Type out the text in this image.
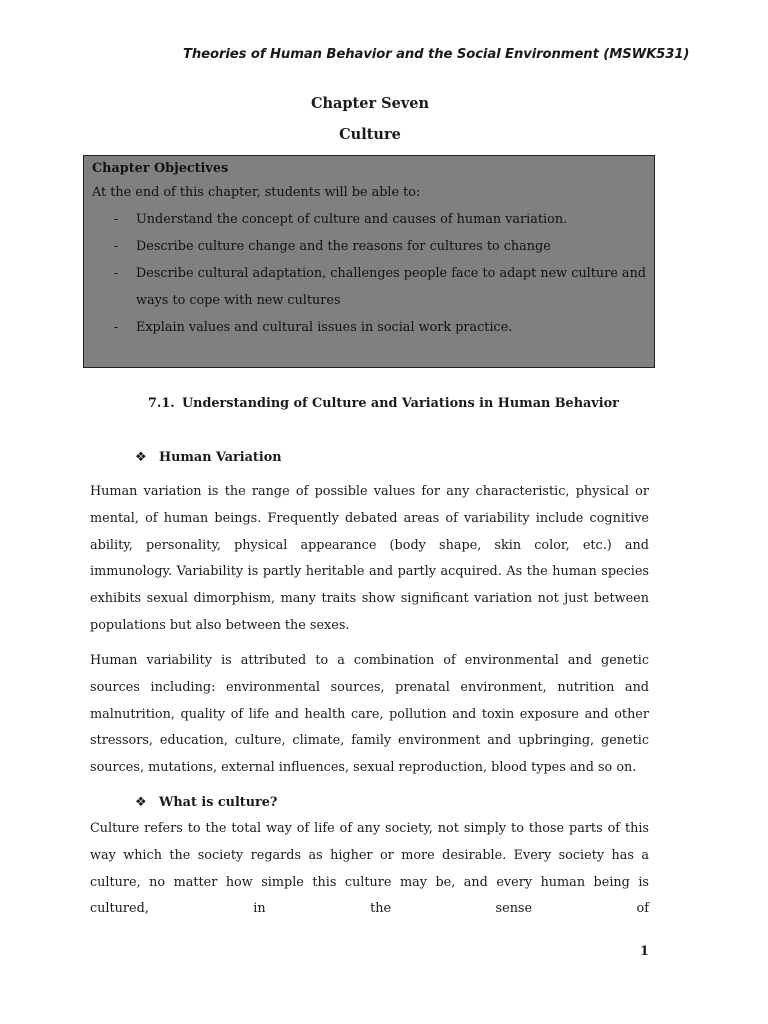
Theories of Human Behavior and the Social Environment (MSWK531)
Chapter Seven
Culture
Chapter Objectives
At the end of this chapter, students will be able to:
- Understand the concept of culture and causes of human variation.
- Describe culture change and the reasons for cultures to change
- Describe cultural adaptation, challenges people face to adapt new culture and ways to cope with new cultures
- Explain values and cultural issues in social work practice.
7.1. Understanding of Culture and Variations in Human Behavior
❖ Human Variation

Human variation is the range of possible values for any characteristic, physical or mental, of human beings. Frequently debated areas of variability include cognitive ability, personality, physical appearance (body shape, skin color, etc.) and immunology. Variability is partly heritable and partly acquired. As the human species exhibits sexual dimorphism, many traits show significant variation not just between populations but also between the sexes.

Human variability is attributed to a combination of environmental and genetic sources including: environmental sources, prenatal environment, nutrition and malnutrition, quality of life and health care, pollution and toxin exposure and other stressors, education, culture, climate, family environment and upbringing, genetic sources, mutations, external influences, sexual reproduction, blood types and so on.

❖ What is culture?

Culture refers to the total way of life of any society, not simply to those parts of this way which the society regards as higher or more desirable. Every society has a culture, no matter how simple this culture may be, and every human being is cultured, in the sense of

1
